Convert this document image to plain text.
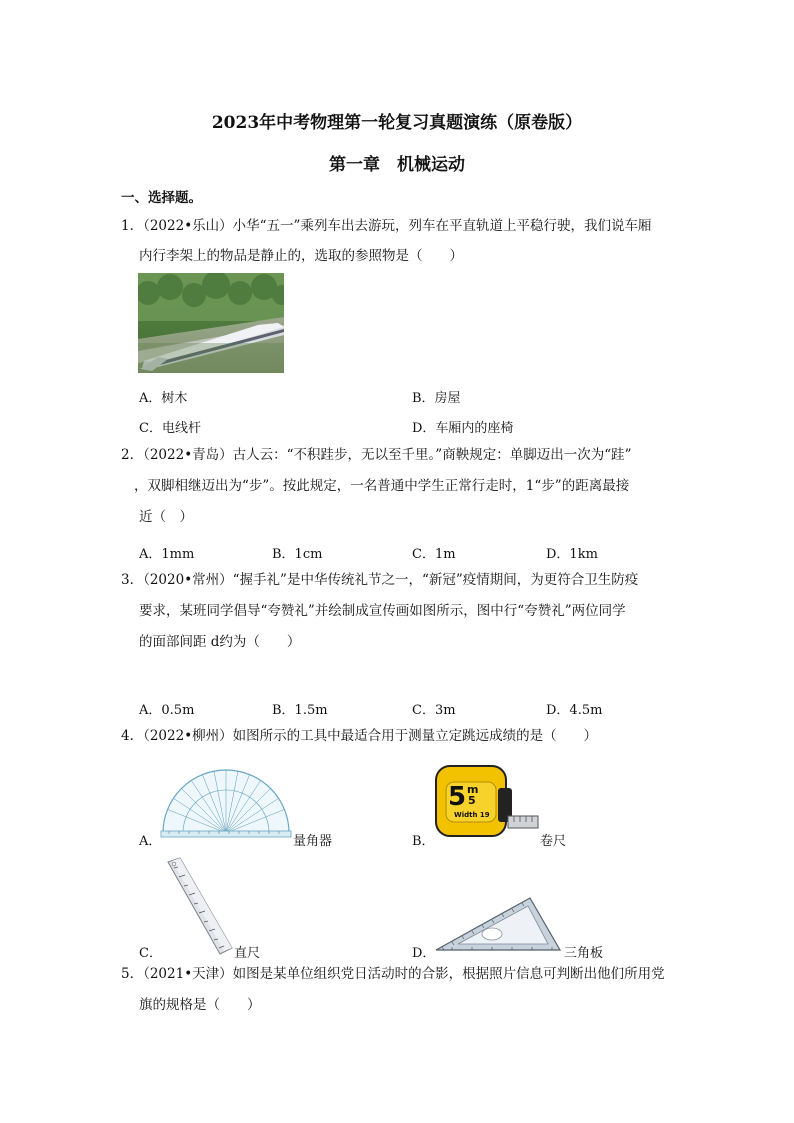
2023年中考物理第一轮复习真题演练（原卷版）
第一章　机械运动
一、选择题。
1．（2022•乐山）小华“五一”乘列车出去游玩，列车在平直轨道上平稳行驶，我们说车厢
内行李架上的物品是静止的，选取的参照物是（　　）
A．树木	B．房屋
C．电线杆	D．车厢内的座椅
2．（2022•青岛）古人云：“不积跬步，无以至千里。”商鞅规定：单脚迈出一次为“跬”
，双脚相继迈出为“步”。按此规定，一名普通中学生正常行走时，1“步”的距离最接
近（　）
A．1mm	B．1cm	C．1m	D．1km
3．（2020•常州）“握手礼”是中华传统礼节之一，“新冠”疫情期间，为更符合卫生防疫
要求，某班同学倡导“夸赞礼”并绘制成宣传画如图所示，图中行“夸赞礼”两位同学
的面部间距 d约为（　　）
A．0.5m	B．1.5m	C．3m	D．4.5m
4．（2022•柳州）如图所示的工具中最适合用于测量立定跳远成绩的是（　　）
A．	量角器	B．
5 m
5
Width 19
卷尺
C．	直尺	D．	三角板
5．（2021•天津）如图是某单位组织党日活动时的合影，根据照片信息可判断出他们所用党
旗的规格是（　　）
